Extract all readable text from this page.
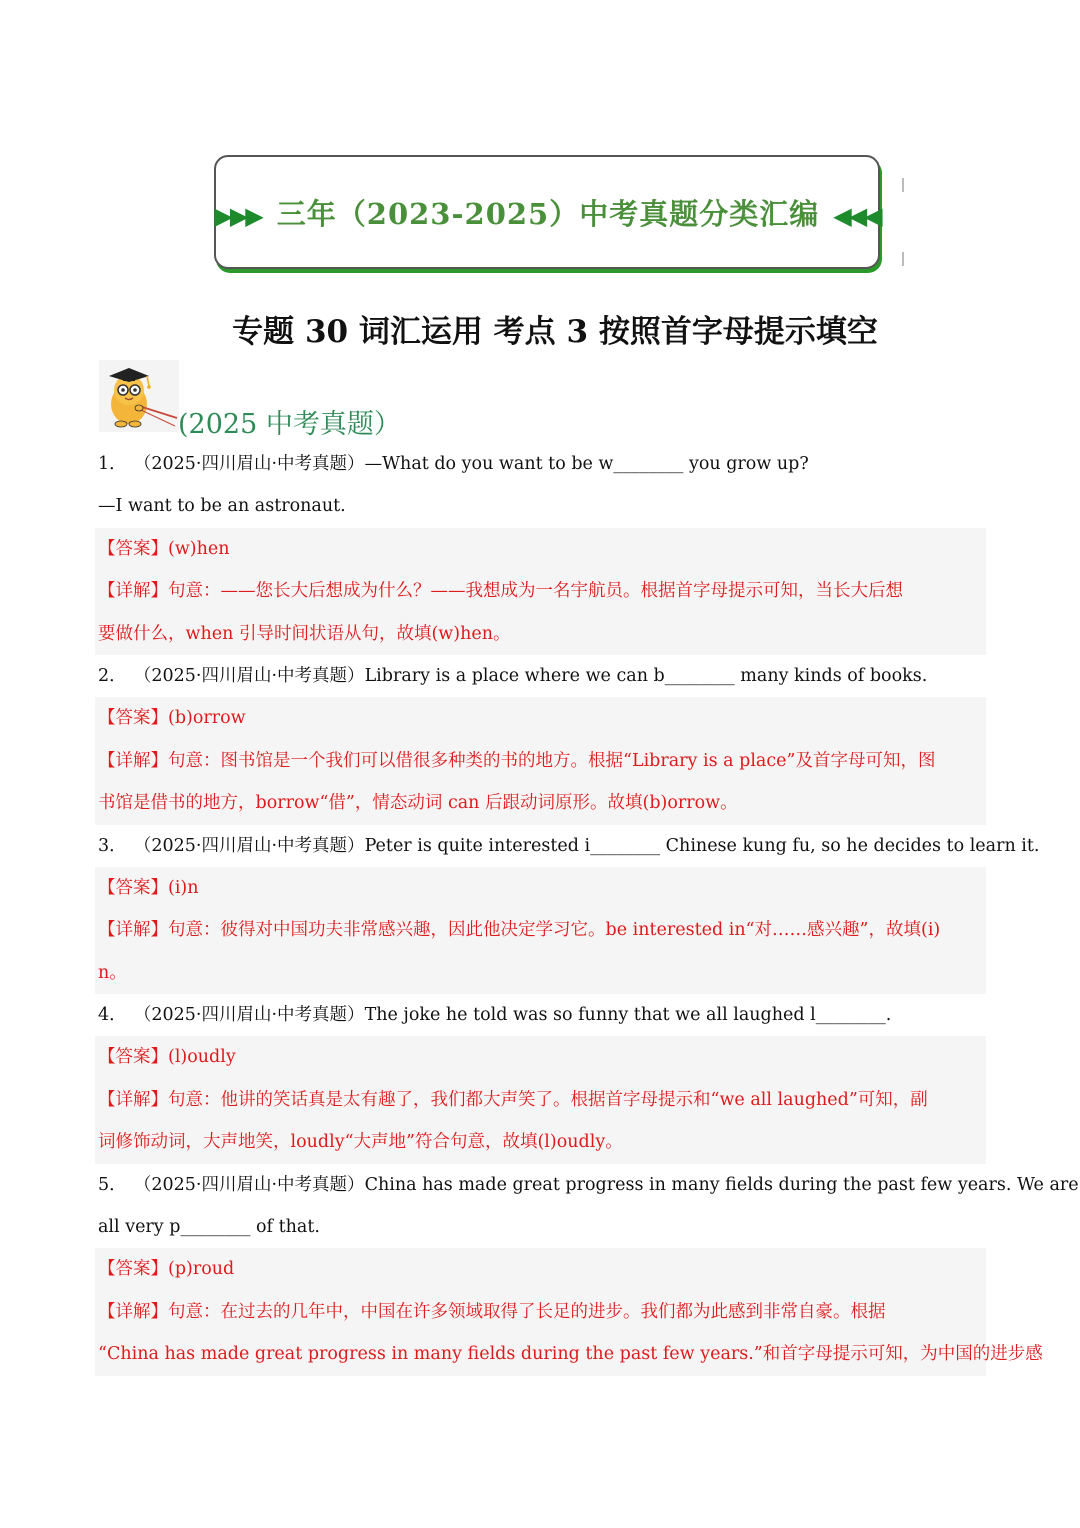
▶▶▶ 三年（2023-2025）中考真题分类汇编 ◀◀◀
专题 30 词汇运用 考点 3 按照首字母提示填空
(2025 中考真题）
1． （2025·四川眉山·中考真题）—What do you want to be w________ you grow up?
—I want to be an astronaut.
【答案】(w)hen
【详解】句意：——您长大后想成为什么？——我想成为一名宇航员。根据首字母提示可知，当长大后想
要做什么，when 引导时间状语从句，故填(w)hen。
2． （2025·四川眉山·中考真题）Library is a place where we can b________ many kinds of books.
【答案】(b)orrow
【详解】句意：图书馆是一个我们可以借很多种类的书的地方。根据“Library is a place”及首字母可知，图
书馆是借书的地方，borrow“借”，情态动词 can 后跟动词原形。故填(b)orrow。
3． （2025·四川眉山·中考真题）Peter is quite interested i________ Chinese kung fu, so he decides to learn it.
【答案】(i)n
【详解】句意：彼得对中国功夫非常感兴趣，因此他决定学习它。be interested in“对……感兴趣”，故填(i)
n。
4． （2025·四川眉山·中考真题）The joke he told was so funny that we all laughed l________.
【答案】(l)oudly
【详解】句意：他讲的笑话真是太有趣了，我们都大声笑了。根据首字母提示和“we all laughed”可知，副
词修饰动词，大声地笑，loudly“大声地”符合句意，故填(l)oudly。
5． （2025·四川眉山·中考真题）China has made great progress in many fields during the past few years. We are
all very p________ of that.
【答案】(p)roud
【详解】句意：在过去的几年中，中国在许多领域取得了长足的进步。我们都为此感到非常自豪。根据
“China has made great progress in many fields during the past few years.”和首字母提示可知，为中国的进步感
